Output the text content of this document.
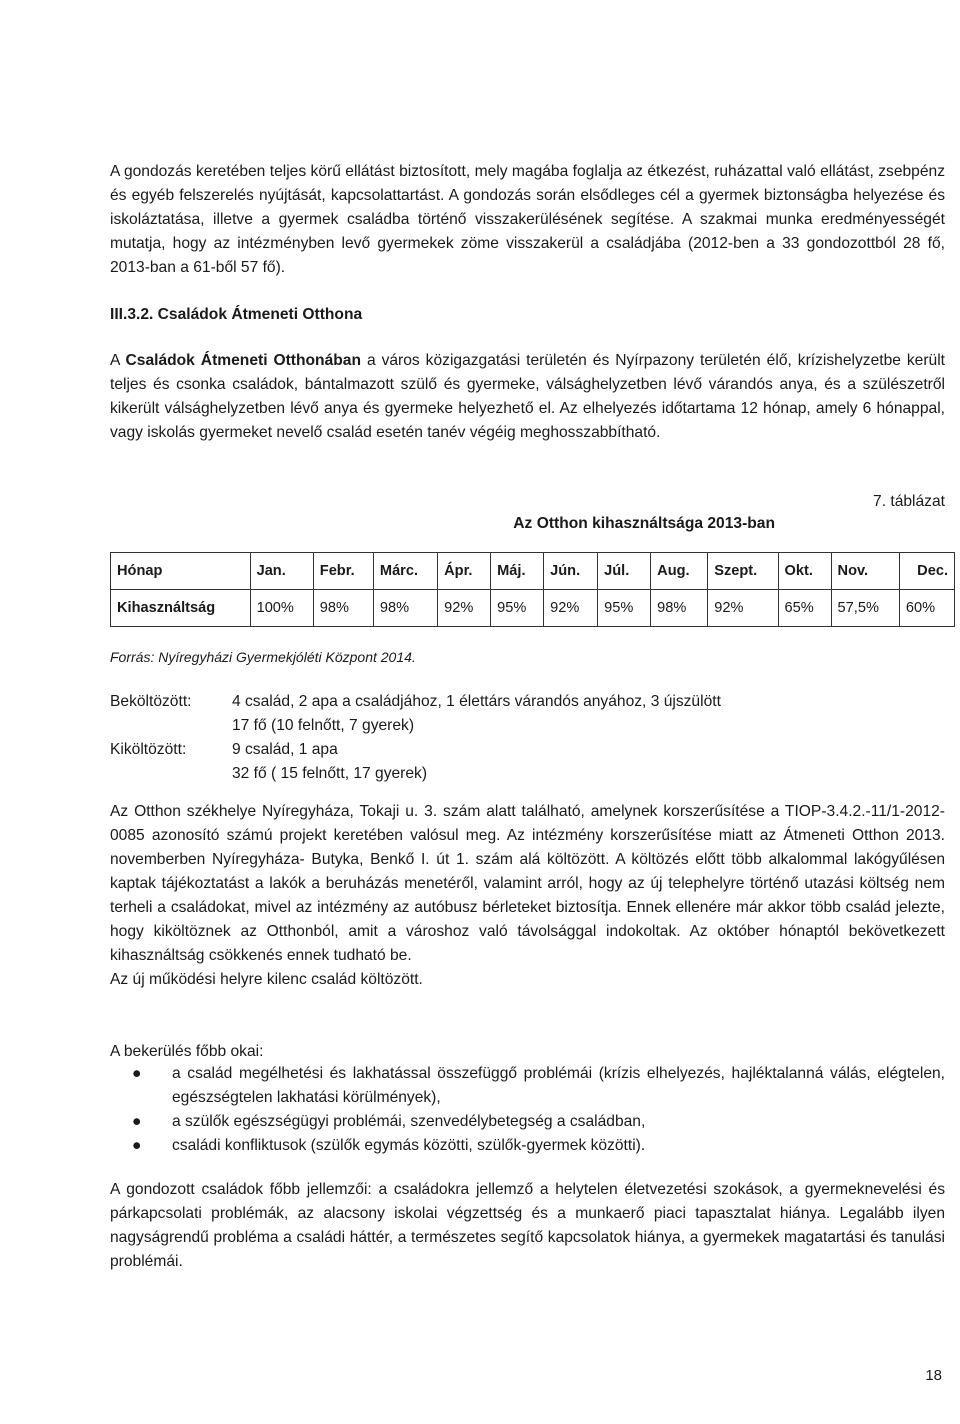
A gondozás keretében teljes körű ellátást biztosított, mely magába foglalja az étkezést, ruházattal való ellátást, zsebpénz és egyéb felszerelés nyújtását, kapcsolattartást. A gondozás során elsődleges cél a gyermek biztonságba helyezése és iskoláztatása, illetve a gyermek családba történő visszakerülésének segítése. A szakmai munka eredményességét mutatja, hogy az intézményben levő gyermekek zöme visszakerül a családjába (2012-ben a 33 gondozottból 28 fő, 2013-ban a 61-ből 57 fő).

III.3.2. Családok Átmeneti Otthona

A Családok Átmeneti Otthonában a város közigazgatási területén és Nyírpazony területén élő, krízishelyzetbe került teljes és csonka családok, bántalmazott szülő és gyermeke, válsághelyzetben lévő várandós anya, és a szülészetről kikerült válsághelyzetben lévő anya és gyermeke helyezhető el. Az elhelyezés időtartama 12 hónap, amely 6 hónappal, vagy iskolás gyermeket nevelő család esetén tanév végéig meghosszabbítható.

7. táblázat
Az Otthon kihasználtsága 2013-ban
Hónap	Jan.	Febr.	Márc.	Ápr.	Máj.	Jún.	Júl.	Aug.	Szept.	Okt.	Nov.	Dec.
Kihasználtság	100%	98%	98%	92%	95%	92%	95%	98%	92%	65%	57,5%	60%
Forrás: Nyíregyházi Gyermekjóléti Központ 2014.
Beköltözött:	4 család, 2 apa a családjához, 1 élettárs várandós anyához, 3 újszülött
17 fő (10 felnőtt, 7 gyerek)
Kiköltözött:	9 család, 1 apa
32 fő ( 15 felnőtt, 17 gyerek)

Az Otthon székhelye Nyíregyháza, Tokaji u. 3. szám alatt található, amelynek korszerűsítése a TIOP-3.4.2.-11/1-2012-0085 azonosító számú projekt keretében valósul meg. Az intézmény korszerűsítése miatt az Átmeneti Otthon 2013. novemberben Nyíregyháza- Butyka, Benkő I. út 1. szám alá költözött. A költözés előtt több alkalommal lakógyűlésen kaptak tájékoztatást a lakók a beruházás menetéről, valamint arról, hogy az új telephelyre történő utazási költség nem terheli a családokat, mivel az intézmény az autóbusz bérleteket biztosítja. Ennek ellenére már akkor több család jelezte, hogy kiköltöznek az Otthonból, amit a városhoz való távolsággal indokoltak. Az október hónaptól bekövetkezett kihasználtság csökkenés ennek tudható be.

Az új működési helyre kilenc család költözött.

A bekerülés főbb okai:

● a család megélhetési és lakhatással összefüggő problémái (krízis elhelyezés, hajléktalanná válás, elégtelen, egészségtelen lakhatási körülmények),
● a szülők egészségügyi problémái, szenvedélybetegség a családban,
● családi konfliktusok (szülők egymás közötti, szülők-gyermek közötti).

A gondozott családok főbb jellemzői: a családokra jellemző a helytelen életvezetési szokások, a gyermeknevelési és párkapcsolati problémák, az alacsony iskolai végzettség és a munkaerő piaci tapasztalat hiánya. Legalább ilyen nagyságrendű probléma a családi háttér, a természetes segítő kapcsolatok hiánya, a gyermekek magatartási és tanulási problémái.

18
